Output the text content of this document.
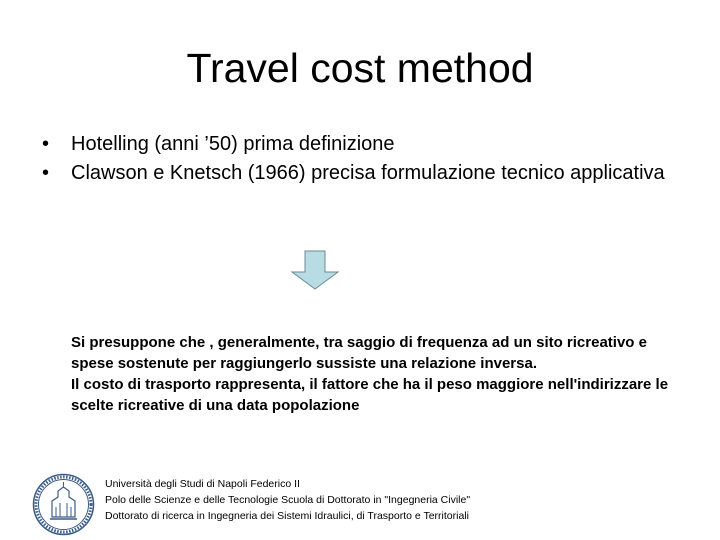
Travel cost method
•	Hotelling (anni ’50) prima definizione
•	Clawson e Knetsch (1966) precisa formulazione tecnico applicativa
Si presuppone che , generalmente, tra saggio di frequenza ad un sito ricreativo e spese sostenute per raggiungerlo sussiste una relazione inversa.
Il costo di trasporto rappresenta, il fattore che ha il peso maggiore nell'indirizzare le scelte ricreative di una data popolazione
Università degli Studi di Napoli Federico II
Polo delle Scienze e delle Tecnologie Scuola di Dottorato in "Ingegneria Civile"
Dottorato di ricerca in Ingegneria dei Sistemi Idraulici, di Trasporto e Territoriali
